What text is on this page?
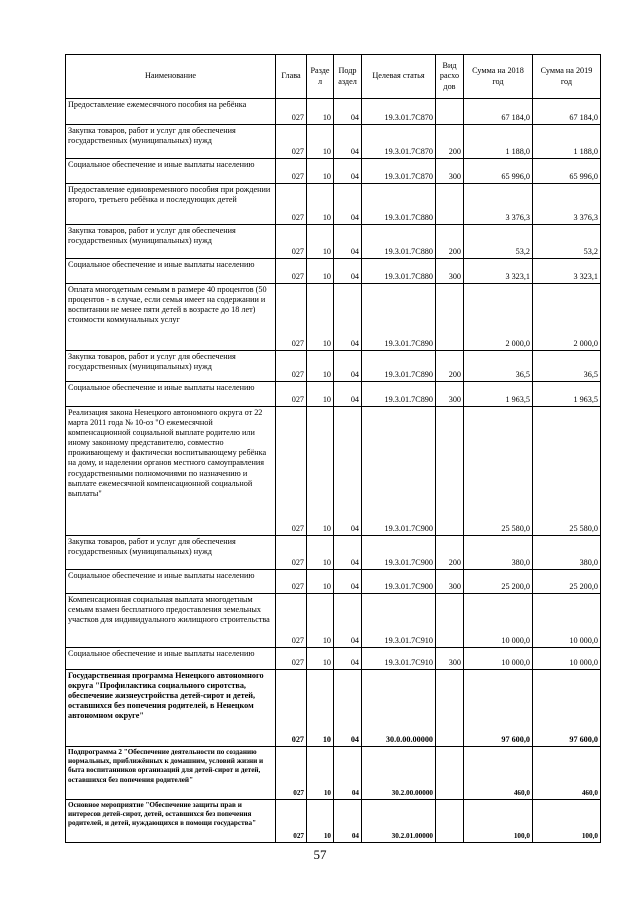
Наименование	Глава	Разде л	Подр аздел	Целевая статья	Вид расхо дов	Сумма на 2018 год	Сумма на 2019 год
Предоставление ежемесячного пособия на ребёнка	027	10	04	19.3.01.7С870		67 184,0	67 184,0
Закупка товаров, работ и услуг для обеспечения государственных (муниципальных) нужд	027	10	04	19.3.01.7С870	200	1 188,0	1 188,0
Социальное обеспечение и иные выплаты населению	027	10	04	19.3.01.7С870	300	65 996,0	65 996,0
Предоставление единовременного пособия при рождении второго, третьего ребёнка и последующих детей	027	10	04	19.3.01.7С880		3 376,3	3 376,3
Закупка товаров, работ и услуг для обеспечения государственных (муниципальных) нужд	027	10	04	19.3.01.7С880	200	53,2	53,2
Социальное обеспечение и иные выплаты населению	027	10	04	19.3.01.7С880	300	3 323,1	3 323,1
Оплата многодетным семьям в размере 40 процентов (50 процентов - в случае, если семья имеет на содержании и воспитании не менее пяти детей в возрасте до 18 лет) стоимости коммунальных услуг	027	10	04	19.3.01.7С890		2 000,0	2 000,0
Закупка товаров, работ и услуг для обеспечения государственных (муниципальных) нужд	027	10	04	19.3.01.7С890	200	36,5	36,5
Социальное обеспечение и иные выплаты населению	027	10	04	19.3.01.7С890	300	1 963,5	1 963,5
Реализация закона Ненецкого автономного округа от 22 марта 2011 года № 10-оз "О ежемесячной компенсационной социальной выплате родителю или иному законному представителю, совместно проживающему и фактически воспитывающему ребёнка на дому, и наделении органов местного самоуправления государственными полномочиями по назначению и выплате ежемесячной компенсационной социальной выплаты"	027	10	04	19.3.01.7С900		25 580,0	25 580,0
Закупка товаров, работ и услуг для обеспечения государственных (муниципальных) нужд	027	10	04	19.3.01.7С900	200	380,0	380,0
Социальное обеспечение и иные выплаты населению	027	10	04	19.3.01.7С900	300	25 200,0	25 200,0
Компенсационная социальная выплата многодетным семьям взамен бесплатного предоставления земельных участков для индивидуального жилищного строительства	027	10	04	19.3.01.7С910		10 000,0	10 000,0
Социальное обеспечение и иные выплаты населению	027	10	04	19.3.01.7С910	300	10 000,0	10 000,0
Государственная программа Ненецкого автономного округа "Профилактика социального сиротства, обеспечение жизнеустройства детей-сирот и детей, оставшихся без попечения родителей, в Ненецком автономном округе"	027	10	04	30.0.00.00000		97 600,0	97 600,0
Подпрограмма 2 "Обеспечение деятельности по созданию нормальных, приближённых к домашним, условий жизни и быта воспитанников организаций для детей-сирот и детей, оставшихся без попечения родителей"	027	10	04	30.2.00.00000		460,0	460,0
Основное мероприятие "Обеспечение защиты прав и интересов детей-сирот, детей, оставшихся без попечения родителей, и детей, нуждающихся в помощи государства"	027	10	04	30.2.01.00000		100,0	100,0
57
